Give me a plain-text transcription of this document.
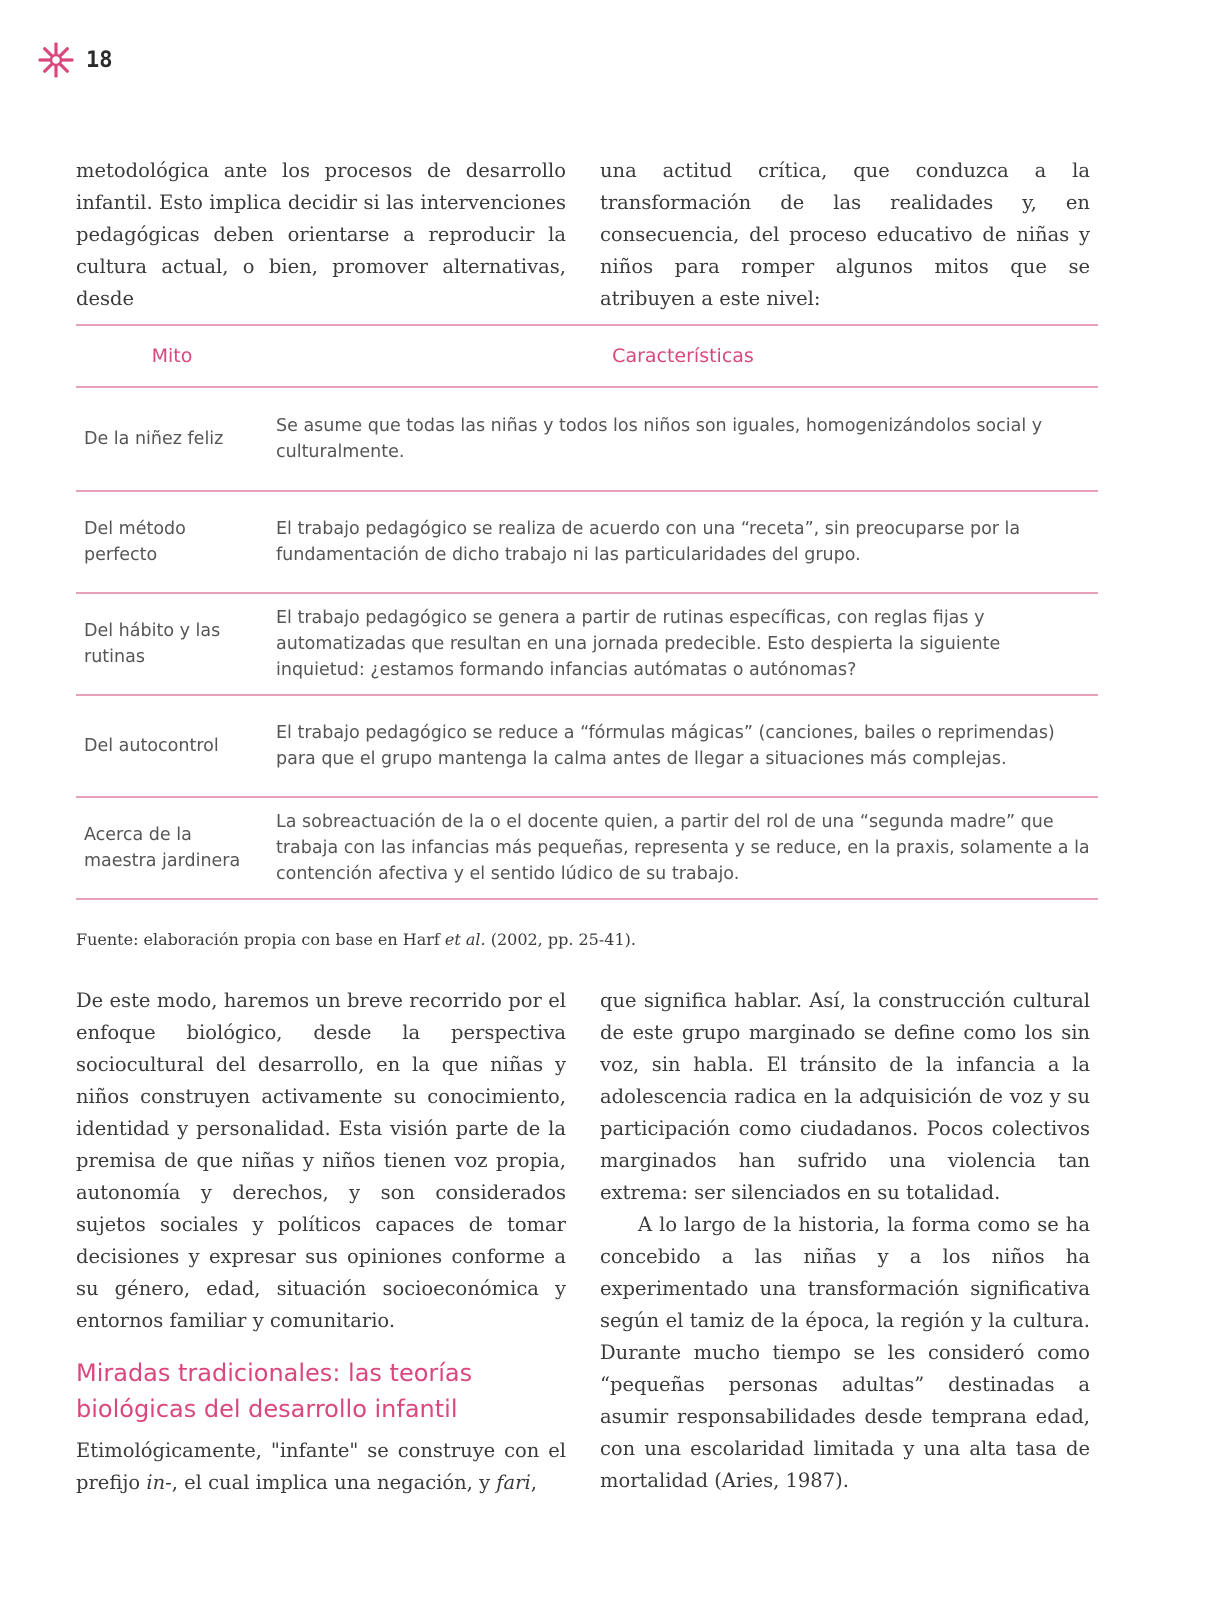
18

metodológica ante los procesos de desarrollo infantil. Esto implica decidir si las intervenciones pedagógicas deben orientarse a reproducir la cultura actual, o bien, promover alternativas, desde

una actitud crítica, que conduzca a la transformación de las realidades y, en consecuencia, del proceso educativo de niñas y niños para romper algunos mitos que se atribuyen a este nivel:

Mito	Características
De la niñez feliz	Se asume que todas las niñas y todos los niños son iguales, homogenizándolos social y culturalmente.
Del método perfecto	El trabajo pedagógico se realiza de acuerdo con una “receta”, sin preocuparse por la fundamentación de dicho trabajo ni las particularidades del grupo.
Del hábito y las rutinas	El trabajo pedagógico se genera a partir de rutinas específicas, con reglas fijas y automatizadas que resultan en una jornada predecible. Esto despierta la siguiente inquietud: ¿estamos formando infancias autómatas o autónomas?
Del autocontrol	El trabajo pedagógico se reduce a “fórmulas mágicas” (canciones, bailes o reprimendas) para que el grupo mantenga la calma antes de llegar a situaciones más complejas.
Acerca de la maestra jardinera	La sobreactuación de la o el docente quien, a partir del rol de una “segunda madre” que trabaja con las infancias más pequeñas, representa y se reduce, en la praxis, solamente a la contención afectiva y el sentido lúdico de su trabajo.
Fuente: elaboración propia con base en Harf et al. (2002, pp. 25-41).

De este modo, haremos un breve recorrido por el enfoque biológico, desde la perspectiva sociocultural del desarrollo, en la que niñas y niños construyen activamente su conocimiento, identidad y personalidad. Esta visión parte de la premisa de que niñas y niños tienen voz propia, autonomía y derechos, y son considerados sujetos sociales y políticos capaces de tomar decisiones y expresar sus opiniones conforme a su género, edad, situación socioeconómica y entornos familiar y comunitario.

Miradas tradicionales: las teorías biológicas del desarrollo infantil

Etimológicamente, "infante" se construye con el prefijo in-, el cual implica una negación, y fari,

que significa hablar. Así, la construcción cultural de este grupo marginado se define como los sin voz, sin habla. El tránsito de la infancia a la adolescencia radica en la adquisición de voz y su participación como ciudadanos. Pocos colectivos marginados han sufrido una violencia tan extrema: ser silenciados en su totalidad.

A lo largo de la historia, la forma como se ha concebido a las niñas y a los niños ha experimentado una transformación significativa según el tamiz de la época, la región y la cultura. Durante mucho tiempo se les consideró como “pequeñas personas adultas” destinadas a asumir responsabilidades desde temprana edad, con una escolaridad limitada y una alta tasa de mortalidad (Aries, 1987).
